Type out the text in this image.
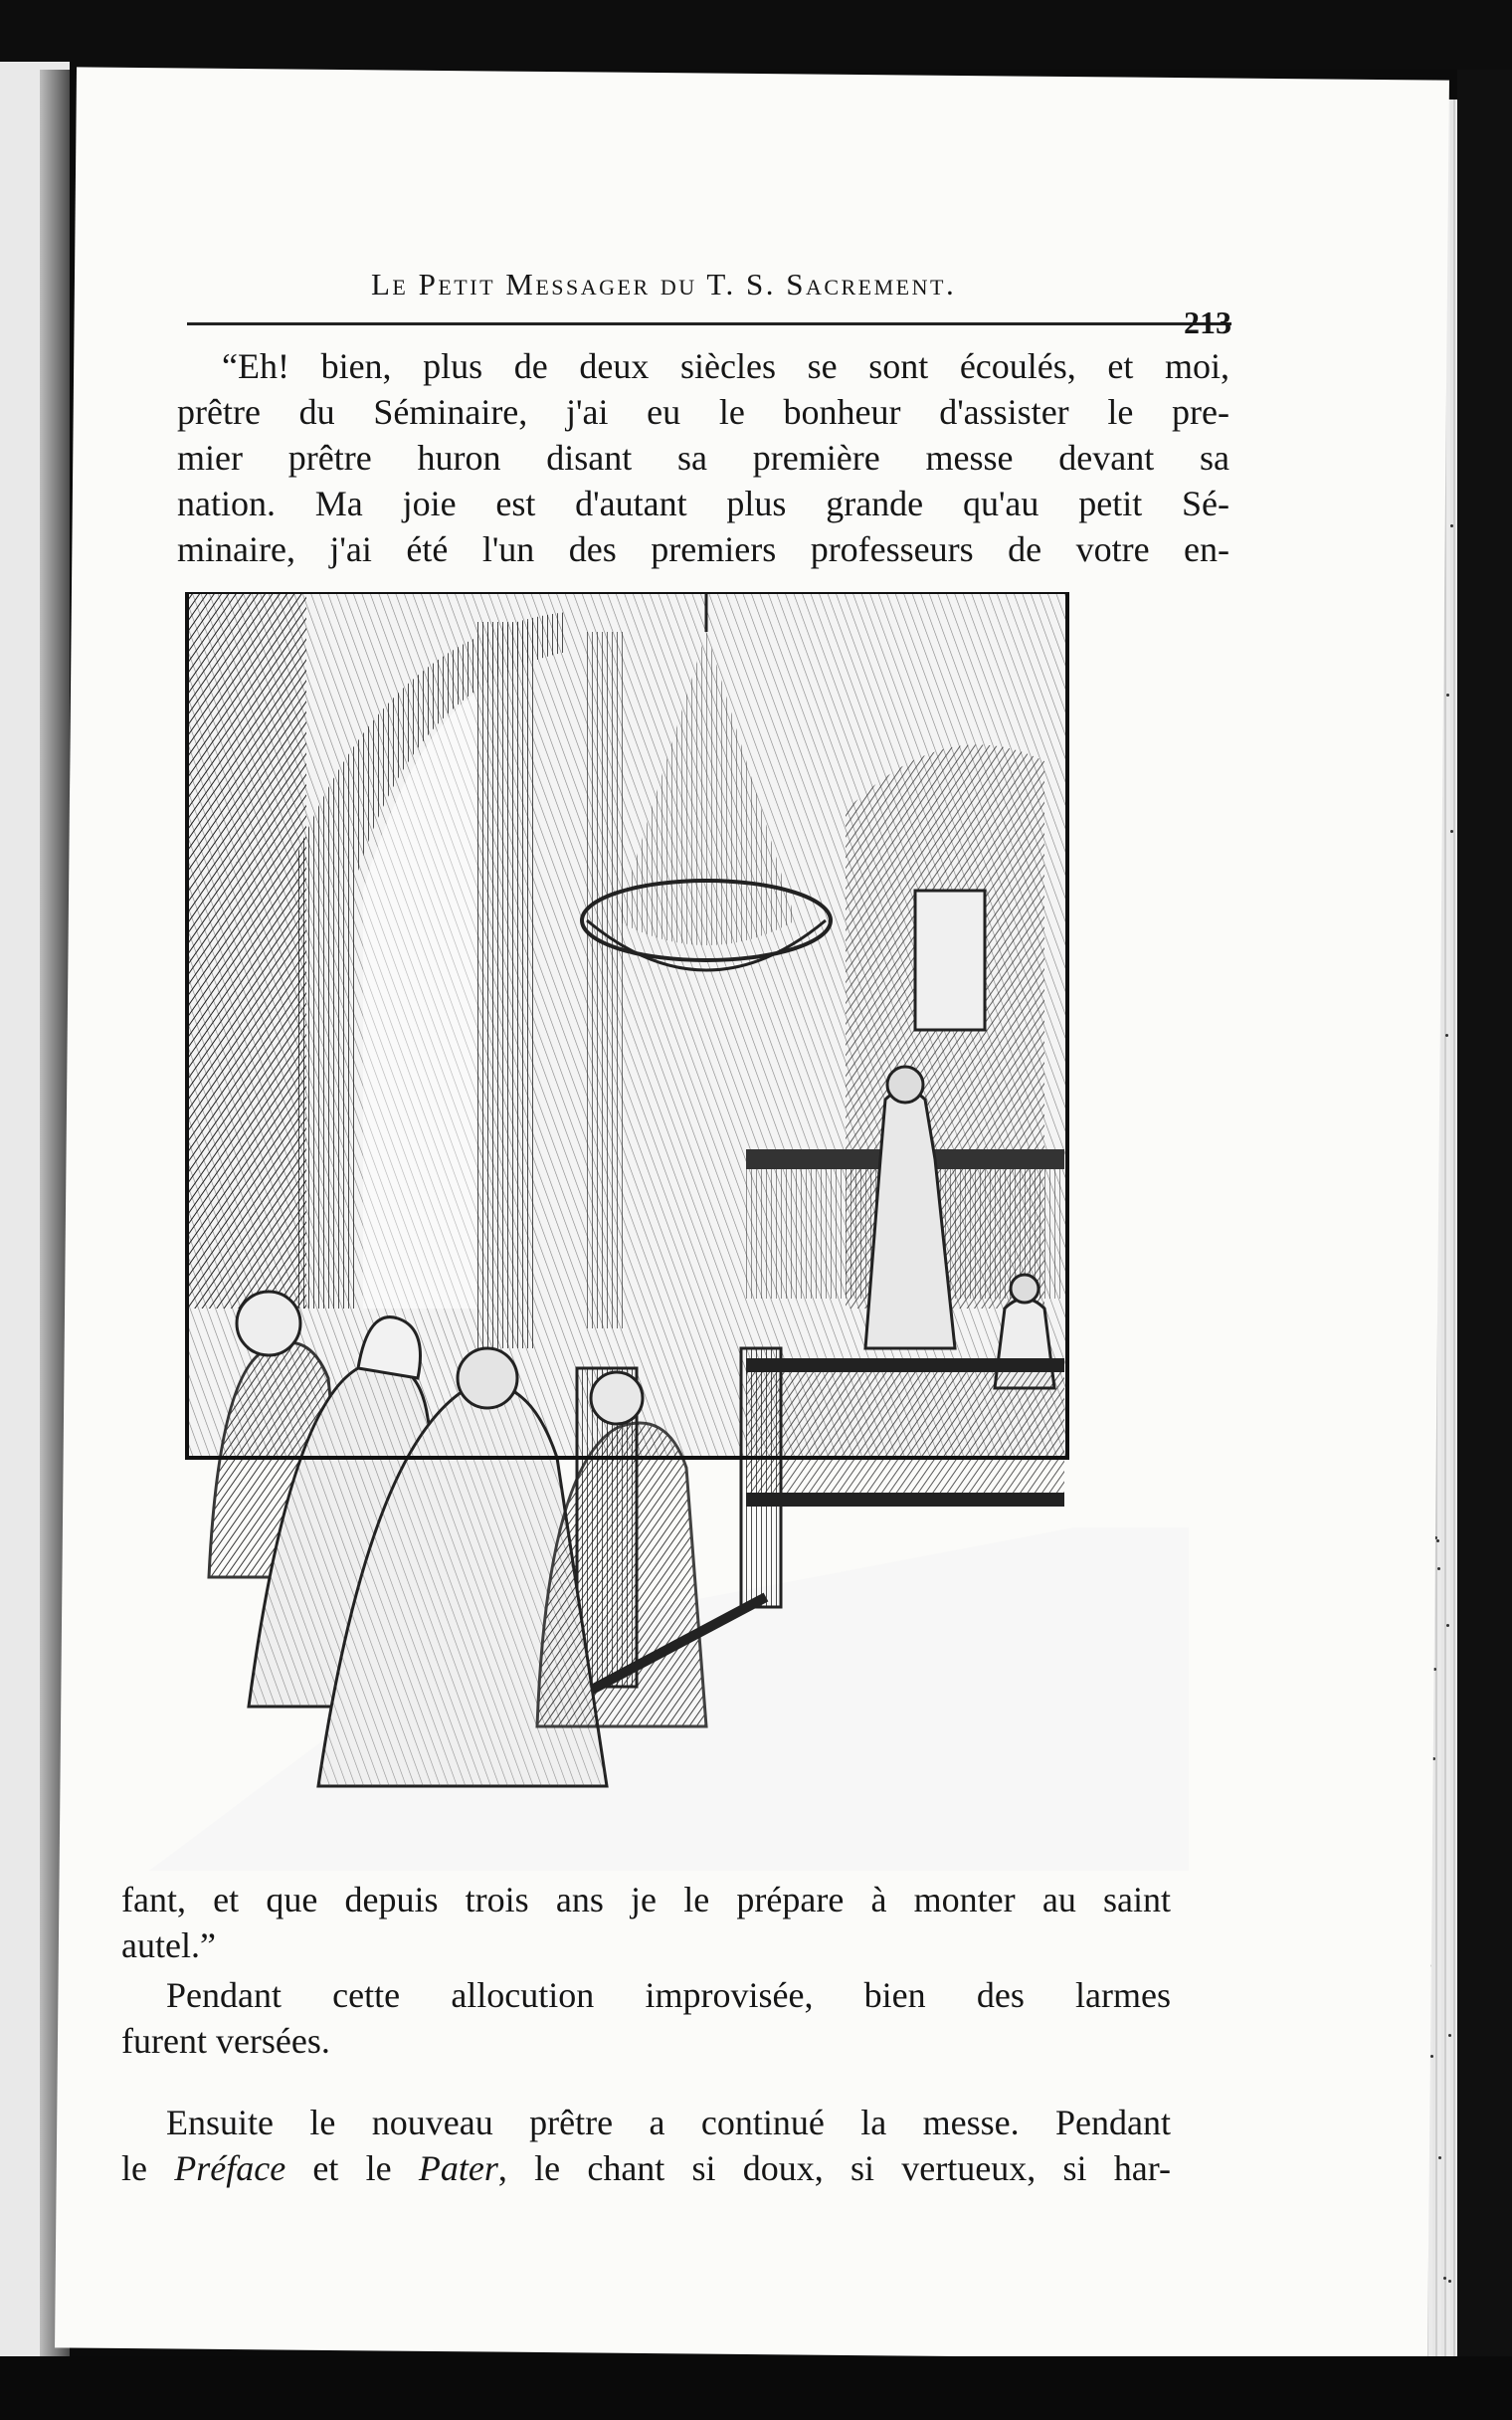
Le Petit Messager du T. S. Sacrement.
213
“Eh! bien, plus de deux siècles se sont écoulés, et moi,
prêtre du Séminaire, j'ai eu le bonheur d'assister le pre-
mier prêtre huron disant sa première messe devant sa
nation. Ma joie est d'autant plus grande qu'au petit Sé-
minaire, j'ai été l'un des premiers professeurs de votre en-
fant, et que depuis trois ans je le prépare à monter au saint
autel.”
Pendant cette allocution improvisée, bien des larmes
furent versées.
Ensuite le nouveau prêtre a continué la messe. Pendant
le Préface et le Pater, le chant si doux, si vertueux, si har-
